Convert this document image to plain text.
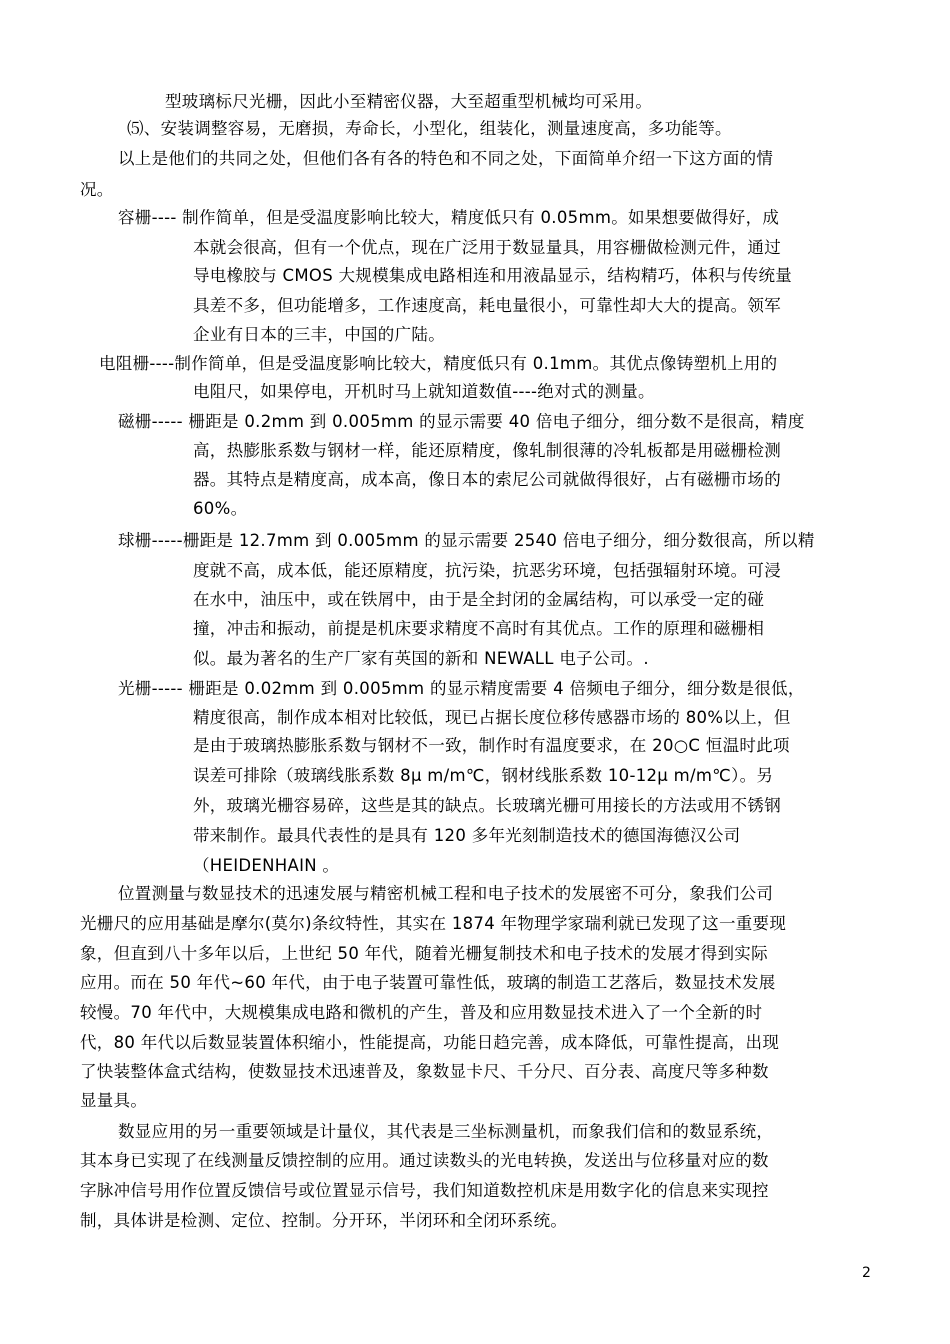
型玻璃标尺光栅，因此小至精密仪器，大至超重型机械均可采用。
⑸、安装调整容易，无磨损，寿命长，小型化，组装化，测量速度高，多功能等。
以上是他们的共同之处，但他们各有各的特色和不同之处，下面简单介绍一下这方面的情
况。
容栅---- 制作简单，但是受温度影响比较大，精度低只有 0.05mm。如果想要做得好，成
本就会很高，但有一个优点，现在广泛用于数显量具，用容栅做检测元件，通过
导电橡胶与 CMOS 大规模集成电路相连和用液晶显示，结构精巧，体积与传统量
具差不多，但功能增多，工作速度高，耗电量很小，可靠性却大大的提高。领军
企业有日本的三丰，中国的广陆。
电阻栅----制作简单，但是受温度影响比较大，精度低只有 0.1mm。其优点像铸塑机上用的
电阻尺，如果停电，开机时马上就知道数值----绝对式的测量。
磁栅----- 栅距是 0.2mm 到 0.005mm 的显示需要 40 倍电子细分，细分数不是很高，精度
高，热膨胀系数与钢材一样，能还原精度，像轧制很薄的冷轧板都是用磁栅检测
器。其特点是精度高，成本高，像日本的索尼公司就做得很好，占有磁栅市场的
60%。
球栅-----栅距是 12.7mm 到 0.005mm 的显示需要 2540 倍电子细分，细分数很高，所以精
度就不高，成本低，能还原精度，抗污染，抗恶劣环境，包括强辐射环境。可浸
在水中，油压中，或在铁屑中，由于是全封闭的金属结构，可以承受一定的碰
撞，冲击和振动，前提是机床要求精度不高时有其优点。工作的原理和磁栅相
似。最为著名的生产厂家有英国的新和 NEWALL 电子公司。.
光栅----- 栅距是 0.02mm 到 0.005mm 的显示精度需要 4 倍频电子细分，细分数是很低，
精度很高，制作成本相对比较低，现已占据长度位移传感器市场的 80%以上，但
是由于玻璃热膨胀系数与钢材不一致，制作时有温度要求，在 20○C 恒温时此项
误差可排除（玻璃线胀系数 8μ m/m℃，钢材线胀系数 10-12μ m/m℃）。另
外，玻璃光栅容易碎，这些是其的缺点。长玻璃光栅可用接长的方法或用不锈钢
带来制作。最具代表性的是具有 120 多年光刻制造技术的德国海德汉公司
（HEIDENHAIN 。
位置测量与数显技术的迅速发展与精密机械工程和电子技术的发展密不可分，象我们公司
光栅尺的应用基础是摩尔(莫尔)条纹特性，其实在 1874 年物理学家瑞利就已发现了这一重要现
象，但直到八十多年以后，上世纪 50 年代，随着光栅复制技术和电子技术的发展才得到实际
应用。而在 50 年代~60 年代，由于电子装置可靠性低，玻璃的制造工艺落后，数显技术发展
较慢。70 年代中，大规模集成电路和微机的产生，普及和应用数显技术进入了一个全新的时
代，80 年代以后数显装置体积缩小，性能提高，功能日趋完善，成本降低，可靠性提高，出现
了快装整体盒式结构，使数显技术迅速普及，象数显卡尺、千分尺、百分表、高度尺等多种数
显量具。
数显应用的另一重要领域是计量仪，其代表是三坐标测量机，而象我们信和的数显系统，
其本身已实现了在线测量反馈控制的应用。通过读数头的光电转换，发送出与位移量对应的数
字脉冲信号用作位置反馈信号或位置显示信号，我们知道数控机床是用数字化的信息来实现控
制，具体讲是检测、定位、控制。分开环，半闭环和全闭环系统。
2
